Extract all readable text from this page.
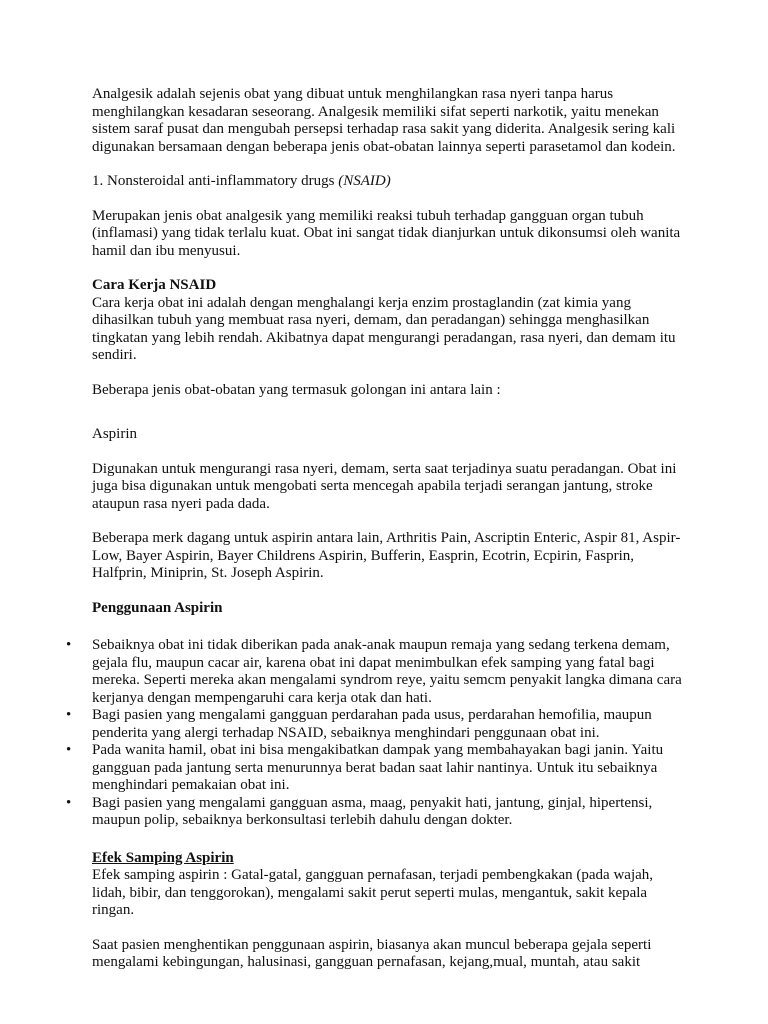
Analgesik adalah sejenis obat yang dibuat untuk menghilangkan rasa nyeri tanpa harus menghilangkan kesadaran seseorang. Analgesik memiliki sifat seperti narkotik, yaitu menekan sistem saraf pusat dan mengubah persepsi terhadap rasa sakit yang diderita. Analgesik sering kali digunakan bersamaan dengan beberapa jenis obat-obatan lainnya seperti parasetamol dan kodein.

1. Nonsteroidal anti-inflammatory drugs (NSAID)

Merupakan jenis obat analgesik yang memiliki reaksi tubuh terhadap gangguan organ tubuh (inflamasi) yang tidak terlalu kuat. Obat ini sangat tidak dianjurkan untuk dikonsumsi oleh wanita hamil dan ibu menyusui.

Cara Kerja NSAID

Cara kerja obat ini adalah dengan menghalangi kerja enzim prostaglandin (zat kimia yang dihasilkan tubuh yang membuat rasa nyeri, demam, dan peradangan) sehingga menghasilkan tingkatan yang lebih rendah. Akibatnya dapat mengurangi peradangan, rasa nyeri, dan demam itu sendiri.

Beberapa jenis obat-obatan yang termasuk golongan ini antara lain :

Aspirin

Digunakan untuk mengurangi rasa nyeri, demam, serta saat terjadinya suatu peradangan. Obat ini juga bisa digunakan untuk mengobati serta mencegah apabila terjadi serangan jantung, stroke ataupun rasa nyeri pada dada.

Beberapa merk dagang untuk aspirin antara lain, Arthritis Pain, Ascriptin Enteric, Aspir 81, Aspir-Low, Bayer Aspirin, Bayer Childrens Aspirin, Bufferin, Easprin, Ecotrin, Ecpirin, Fasprin, Halfprin, Miniprin, St. Joseph Aspirin.

Penggunaan Aspirin

• Sebaiknya obat ini tidak diberikan pada anak-anak maupun remaja yang sedang terkena demam, gejala flu, maupun cacar air, karena obat ini dapat menimbulkan efek samping yang fatal bagi mereka. Seperti mereka akan mengalami syndrom reye, yaitu semcm penyakit langka dimana cara kerjanya dengan mempengaruhi cara kerja otak dan hati.
• Bagi pasien yang mengalami gangguan perdarahan pada usus, perdarahan hemofilia, maupun penderita yang alergi terhadap NSAID, sebaiknya menghindari penggunaan obat ini.
• Pada wanita hamil, obat ini bisa mengakibatkan dampak yang membahayakan bagi janin. Yaitu gangguan pada jantung serta menurunnya berat badan saat lahir nantinya. Untuk itu sebaiknya menghindari pemakaian obat ini.
• Bagi pasien yang mengalami gangguan asma, maag, penyakit hati, jantung, ginjal, hipertensi, maupun polip, sebaiknya berkonsultasi terlebih dahulu dengan dokter.

Efek Samping Aspirin

Efek samping aspirin : Gatal-gatal, gangguan pernafasan, terjadi pembengkakan (pada wajah, lidah, bibir, dan tenggorokan), mengalami sakit perut seperti mulas, mengantuk, sakit kepala ringan.

Saat pasien menghentikan penggunaan aspirin, biasanya akan muncul beberapa gejala seperti mengalami kebingungan, halusinasi, gangguan pernafasan, kejang,mual, muntah, atau sakit
